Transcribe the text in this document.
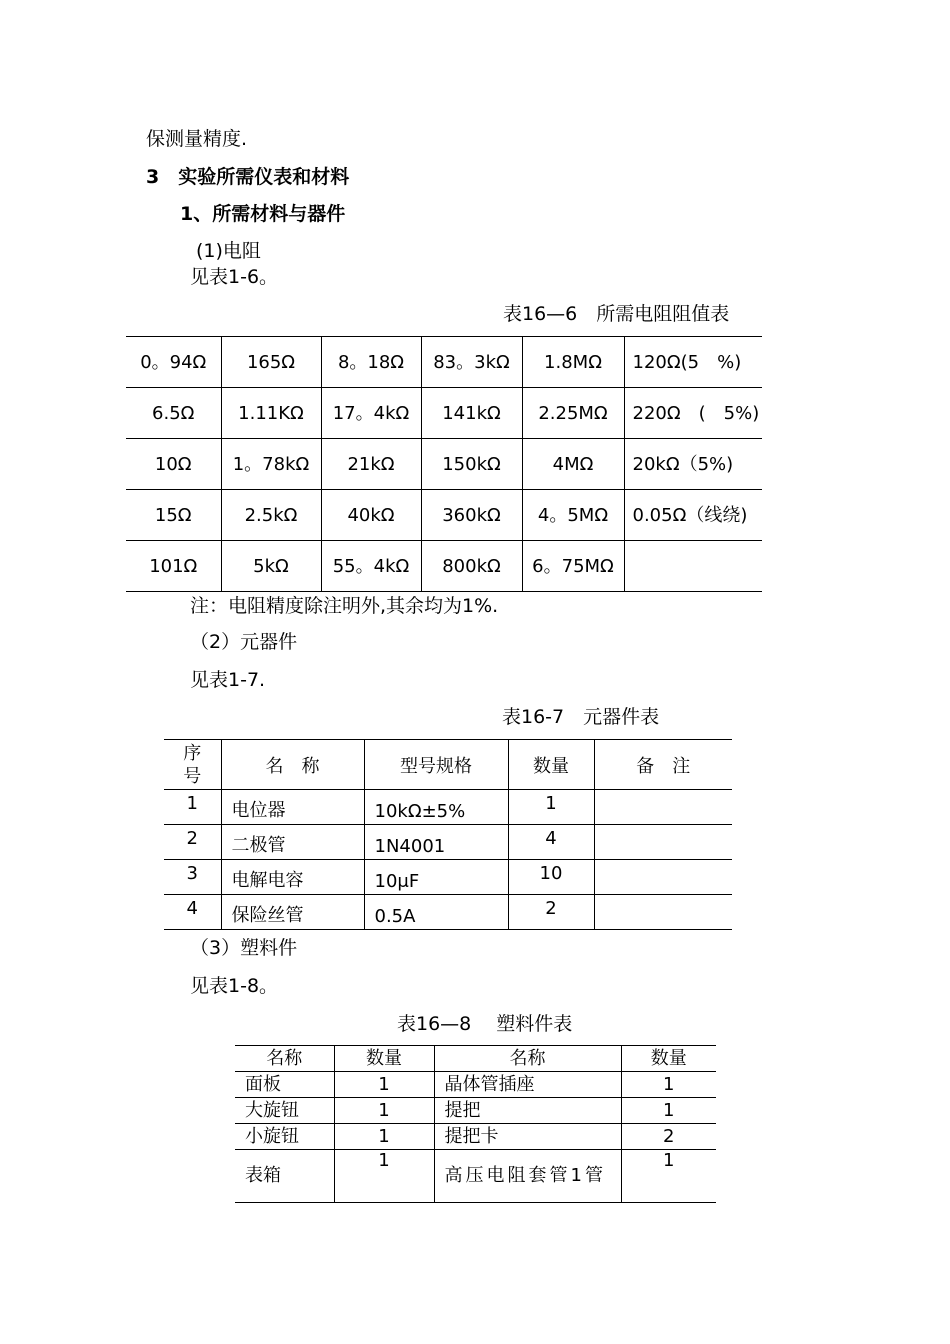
保测量精度.
3　实验所需仪表和材料
1、所需材料与器件
(1)电阻
见表1-6。
表16—6　所需电阻阻值表
0。94Ω	165Ω	8。18Ω	83。3kΩ	1.8MΩ	120Ω(5　%)
6.5Ω	1.11KΩ	17。4kΩ	141kΩ	2.25MΩ	220Ω　(　5%)
10Ω	1。78kΩ	21kΩ	150kΩ	4MΩ	20kΩ（5%)
15Ω	2.5kΩ	40kΩ	360kΩ	4。5MΩ	0.05Ω（线绕)
101Ω	5kΩ	55。4kΩ	800kΩ	6。75MΩ	
注：电阻精度除注明外,其余均为1%.
（2）元器件
见表1-7.
表16-7　元器件表
序号	名　称	型号规格	数量	备　注
1	电位器	10kΩ±5%	1	
2	二极管	1N4001	4	
3	电解电容	10μF	10	
4	保险丝管	0.5A	2	
（3）塑料件
见表1-8。
表16—8　 塑料件表
名称	数量	名称	数量
面板	1	晶体管插座	1
大旋钮	1	提把	1
小旋钮	1	提把卡	2
表箱	1	高压电阻套管1管	1
